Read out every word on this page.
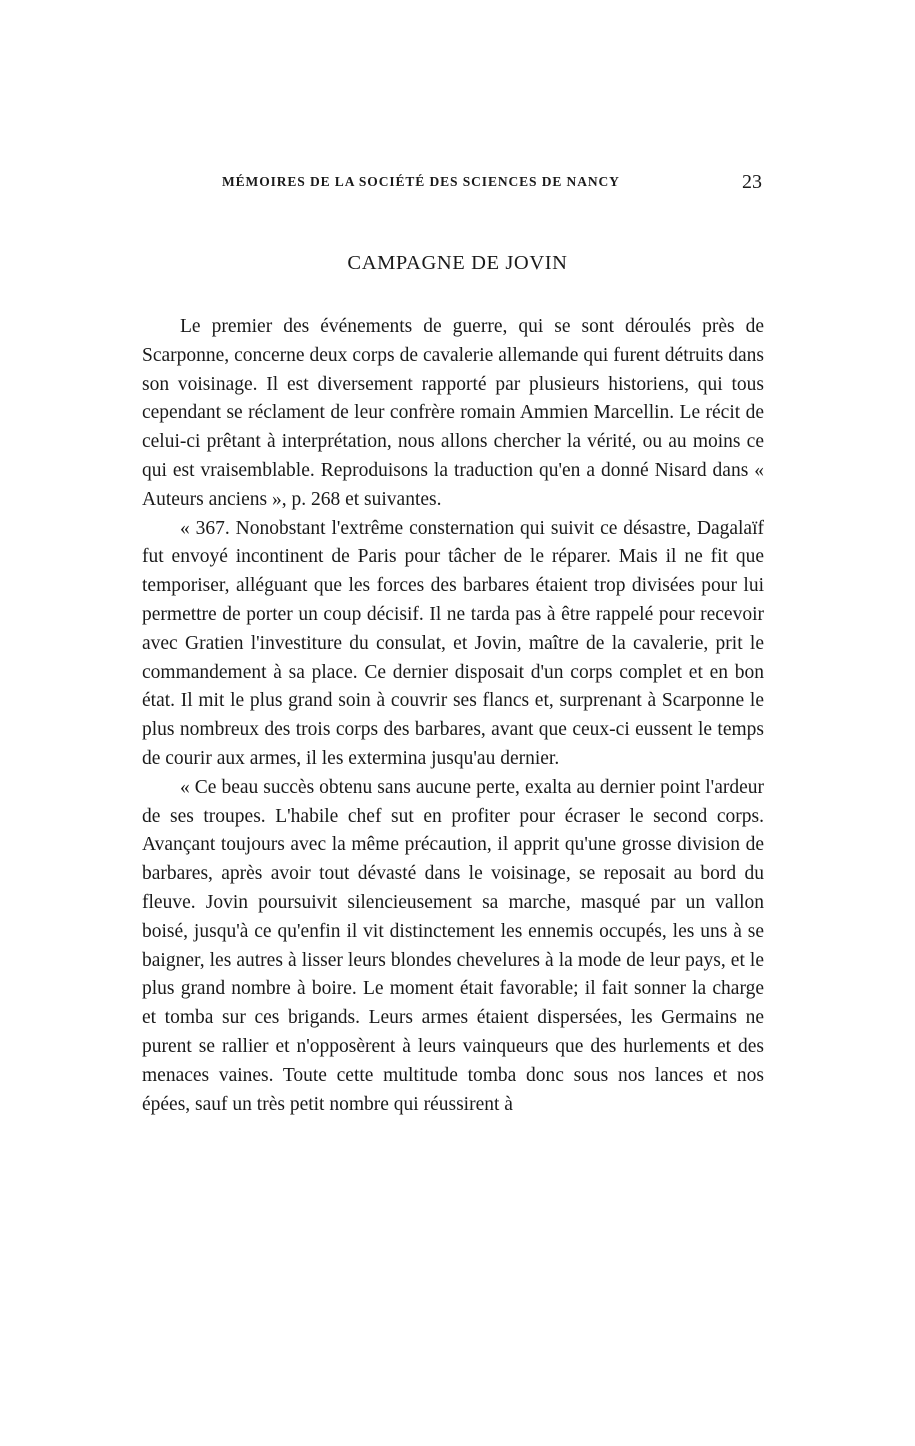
MÉMOIRES DE LA SOCIÉTÉ DES SCIENCES DE NANCY	23
CAMPAGNE DE JOVIN

Le premier des événements de guerre, qui se sont déroulés près de Scarponne, concerne deux corps de cavalerie allemande qui furent détruits dans son voisinage. Il est diversement rapporté par plusieurs historiens, qui tous cependant se réclament de leur confrère romain Ammien Marcellin. Le récit de celui-ci prêtant à interprétation, nous allons chercher la vérité, ou au moins ce qui est vraisemblable. Reproduisons la traduction qu'en a donné Nisard dans « Auteurs anciens », p. 268 et suivantes.

« 367. Nonobstant l'extrême consternation qui suivit ce désastre, Dagalaïf fut envoyé incontinent de Paris pour tâcher de le réparer. Mais il ne fit que temporiser, alléguant que les forces des barbares étaient trop divisées pour lui permettre de porter un coup décisif. Il ne tarda pas à être rappelé pour recevoir avec Gratien l'investiture du consulat, et Jovin, maître de la cavalerie, prit le commandement à sa place. Ce dernier disposait d'un corps complet et en bon état. Il mit le plus grand soin à couvrir ses flancs et, surprenant à Scarponne le plus nombreux des trois corps des barbares, avant que ceux-ci eussent le temps de courir aux armes, il les extermina jusqu'au dernier.

« Ce beau succès obtenu sans aucune perte, exalta au dernier point l'ardeur de ses troupes. L'habile chef sut en profiter pour écraser le second corps. Avançant toujours avec la même précaution, il apprit qu'une grosse division de barbares, après avoir tout dévasté dans le voisinage, se reposait au bord du fleuve. Jovin poursuivit silencieusement sa marche, masqué par un vallon boisé, jusqu'à ce qu'enfin il vit distinctement les ennemis occupés, les uns à se baigner, les autres à lisser leurs blondes chevelures à la mode de leur pays, et le plus grand nombre à boire. Le moment était favorable; il fait sonner la charge et tomba sur ces brigands. Leurs armes étaient dispersées, les Germains ne purent se rallier et n'opposèrent à leurs vainqueurs que des hurlements et des menaces vaines. Toute cette multitude tomba donc sous nos lances et nos épées, sauf un très petit nombre qui réussirent à
